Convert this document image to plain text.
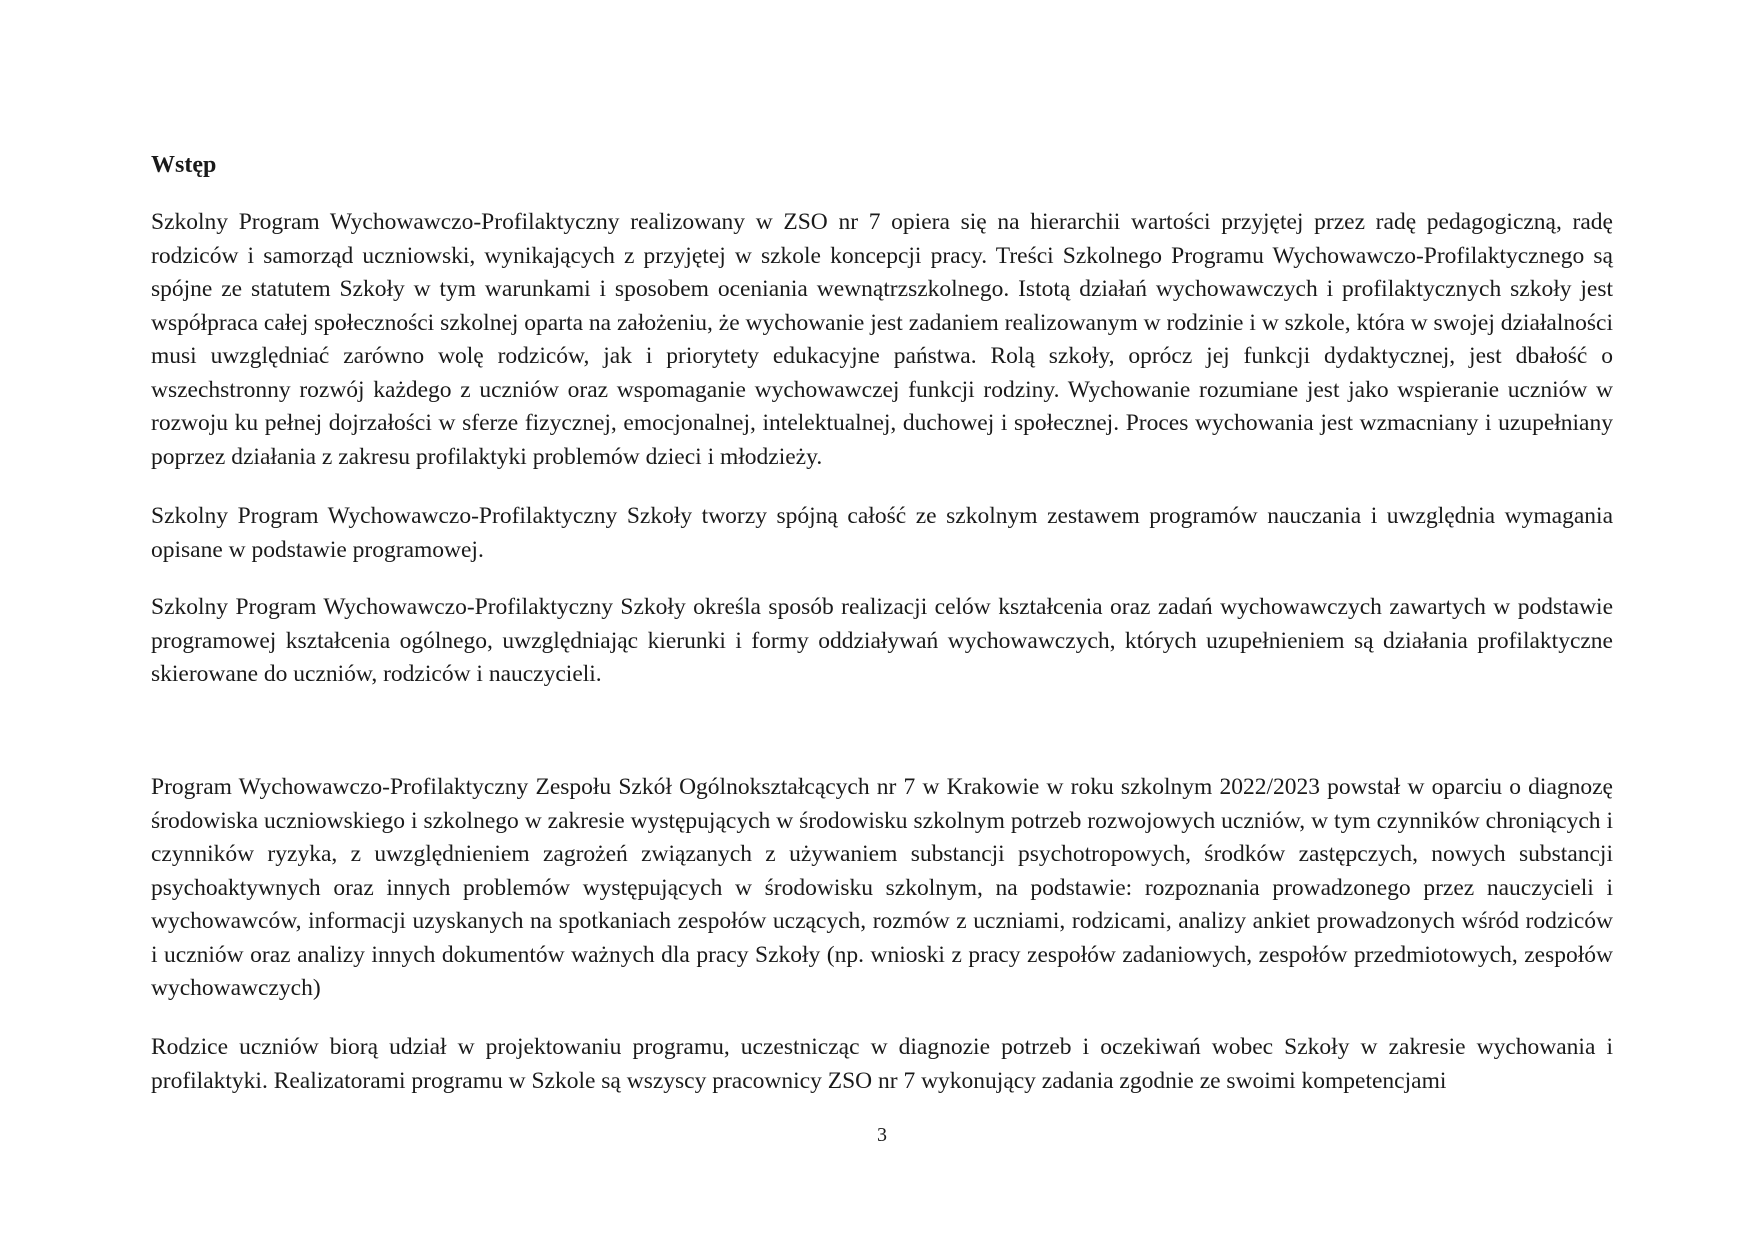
Wstęp

Szkolny Program Wychowawczo-Profilaktyczny realizowany w ZSO nr 7 opiera się na hierarchii wartości przyjętej przez radę pedagogiczną, radę rodziców i samorząd uczniowski, wynikających z przyjętej w szkole koncepcji pracy. Treści Szkolnego Programu Wychowawczo-Profilaktycznego są spójne ze statutem Szkoły w tym warunkami i sposobem oceniania wewnątrzszkolnego. Istotą działań wychowawczych i profilaktycznych szkoły jest współpraca całej społeczności szkolnej oparta na założeniu, że wychowanie jest zadaniem realizowanym w rodzinie i w szkole, która w swojej działalności musi uwzględniać zarówno wolę rodziców, jak i priorytety edukacyjne państwa. Rolą szkoły, oprócz jej funkcji dydaktycznej, jest dbałość o wszechstronny rozwój każdego z uczniów oraz wspomaganie wychowawczej funkcji rodziny. Wychowanie rozumiane jest jako wspieranie uczniów w rozwoju ku pełnej dojrzałości w sferze fizycznej, emocjonalnej, intelektualnej, duchowej i społecznej. Proces wychowania jest wzmacniany i uzupełniany poprzez działania z zakresu profilaktyki problemów dzieci i młodzieży.

Szkolny Program Wychowawczo-Profilaktyczny Szkoły tworzy spójną całość ze szkolnym zestawem programów nauczania i uwzględnia wymagania opisane w podstawie programowej.

Szkolny Program Wychowawczo-Profilaktyczny Szkoły określa sposób realizacji celów kształcenia oraz zadań wychowawczych zawartych w podstawie programowej kształcenia ogólnego, uwzględniając kierunki i formy oddziaływań wychowawczych, których uzupełnieniem są działania profilaktyczne skierowane do uczniów, rodziców i nauczycieli.

Program Wychowawczo-Profilaktyczny Zespołu Szkół Ogólnokształcących nr 7 w Krakowie w roku szkolnym 2022/2023 powstał w oparciu o diagnozę środowiska uczniowskiego i szkolnego w zakresie występujących w środowisku szkolnym potrzeb rozwojowych uczniów, w tym czynników chroniących i czynników ryzyka, z uwzględnieniem zagrożeń związanych z używaniem substancji psychotropowych, środków zastępczych, nowych substancji psychoaktywnych oraz innych problemów występujących w środowisku szkolnym, na podstawie: rozpoznania prowadzonego przez nauczycieli i wychowawców, informacji uzyskanych na spotkaniach zespołów uczących, rozmów z uczniami, rodzicami, analizy ankiet prowadzonych wśród rodziców i uczniów oraz analizy innych dokumentów ważnych dla pracy Szkoły (np. wnioski z pracy zespołów zadaniowych, zespołów przedmiotowych, zespołów wychowawczych)

Rodzice uczniów biorą udział w projektowaniu programu, uczestnicząc w diagnozie potrzeb i oczekiwań wobec Szkoły w zakresie wychowania i profilaktyki. Realizatorami programu w Szkole są wszyscy pracownicy ZSO nr 7 wykonujący zadania zgodnie ze swoimi kompetencjami

3
